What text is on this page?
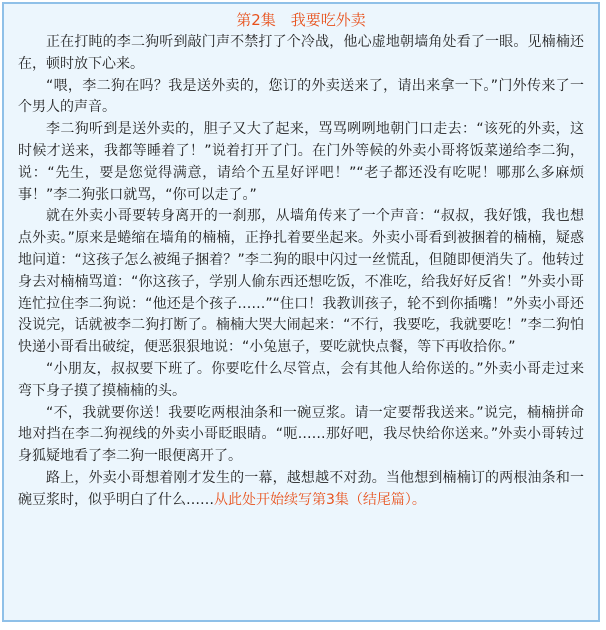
第2集　我要吃外卖

正在打盹的李二狗听到敲门声不禁打了个冷战，他心虚地朝墙角处看了一眼。见楠楠还在，顿时放下心来。

“喂，李二狗在吗？我是送外卖的，您订的外卖送来了，请出来拿一下。”门外传来了一个男人的声音。

李二狗听到是送外卖的，胆子又大了起来，骂骂咧咧地朝门口走去：“该死的外卖，这时候才送来，我都等睡着了！”说着打开了门。在门外等候的外卖小哥将饭菜递给李二狗，说：“先生，要是您觉得满意，请给个五星好评吧！”“老子都还没有吃呢！哪那么多麻烦事！”李二狗张口就骂，“你可以走了。”

就在外卖小哥要转身离开的一刹那，从墙角传来了一个声音：“叔叔，我好饿，我也想点外卖。”原来是蜷缩在墙角的楠楠，正挣扎着要坐起来。外卖小哥看到被捆着的楠楠，疑惑地问道：“这孩子怎么被绳子捆着？”李二狗的眼中闪过一丝慌乱，但随即便消失了。他转过身去对楠楠骂道：“你这孩子，学别人偷东西还想吃饭，不准吃，给我好好反省！”外卖小哥连忙拉住李二狗说：“他还是个孩子……”“住口！我教训孩子，轮不到你插嘴！”外卖小哥还没说完，话就被李二狗打断了。楠楠大哭大闹起来：“不行，我要吃，我就要吃！”李二狗怕快递小哥看出破绽，便恶狠狠地说：“小兔崽子，要吃就快点餐，等下再收拾你。”

“小朋友，叔叔要下班了。你要吃什么尽管点，会有其他人给你送的。”外卖小哥走过来弯下身子摸了摸楠楠的头。

“不，我就要你送！我要吃两根油条和一碗豆浆。请一定要帮我送来。”说完，楠楠拼命地对挡在李二狗视线的外卖小哥眨眼睛。“呃……那好吧，我尽快给你送来。”外卖小哥转过身狐疑地看了李二狗一眼便离开了。

路上，外卖小哥想着刚才发生的一幕，越想越不对劲。当他想到楠楠订的两根油条和一碗豆浆时，似乎明白了什么……从此处开始续写第3集（结尾篇）。
